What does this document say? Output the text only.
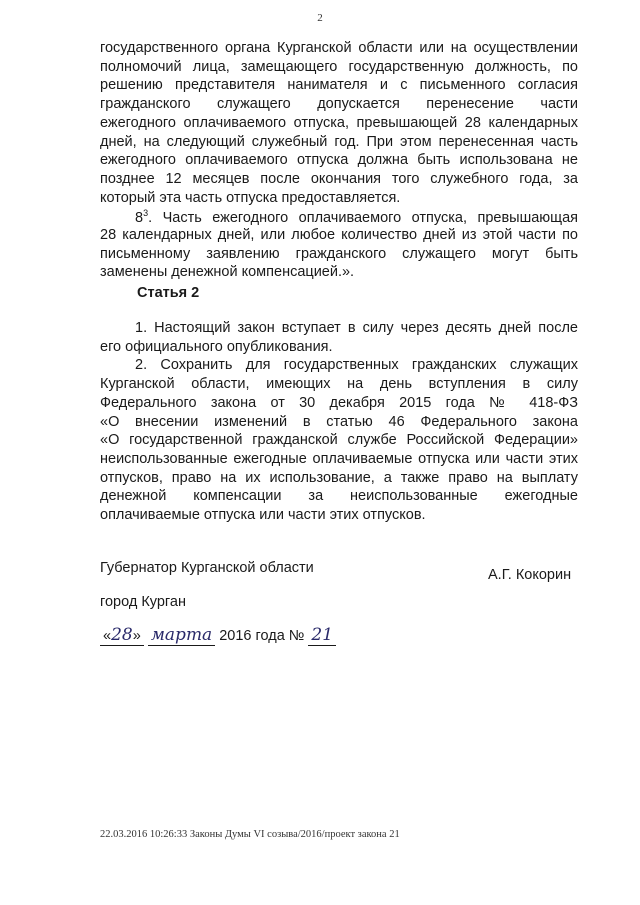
2
государственного органа Курганской области или на осуществлении
полномочий лица, замещающего государственную должность, по
решению представителя нанимателя и с письменного согласия
гражданского служащего допускается перенесение части
ежегодного оплачиваемого отпуска, превышающей 28 календарных
дней, на следующий служебный год. При этом перенесенная часть
ежегодного оплачиваемого отпуска должна быть использована не
позднее 12 месяцев после окончания того служебного года, за
который эта часть отпуска предоставляется.
$8^3$. Часть ежегодного оплачиваемого отпуска, превышающая
28 календарных дней, или любое количество дней из этой части по
письменному заявлению гражданского служащего могут быть
заменены денежной компенсацией.».
Статья 2
1. Настоящий закон вступает в силу через десять дней после
его официального опубликования.
2. Сохранить для государственных гражданских служащих
Курганской области, имеющих на день вступления в силу
Федерального закона от 30 декабря 2015 года № 418-ФЗ
«О внесении изменений в статью 46 Федерального закона
«О государственной гражданской службе Российской Федерации»
неиспользованные ежегодные оплачиваемые отпуска или части этих
отпусков, право на их использование, а также право на выплату
денежной компенсации за неиспользованные ежегодные
оплачиваемые отпуска или части этих отпусков.
Губернатор Курганской области	А.Г. Кокорин
город Курган
«28» марта 2016 года № 21
22.03.2016 10:26:33 Законы Думы VI созыва/2016/проект закона 21
